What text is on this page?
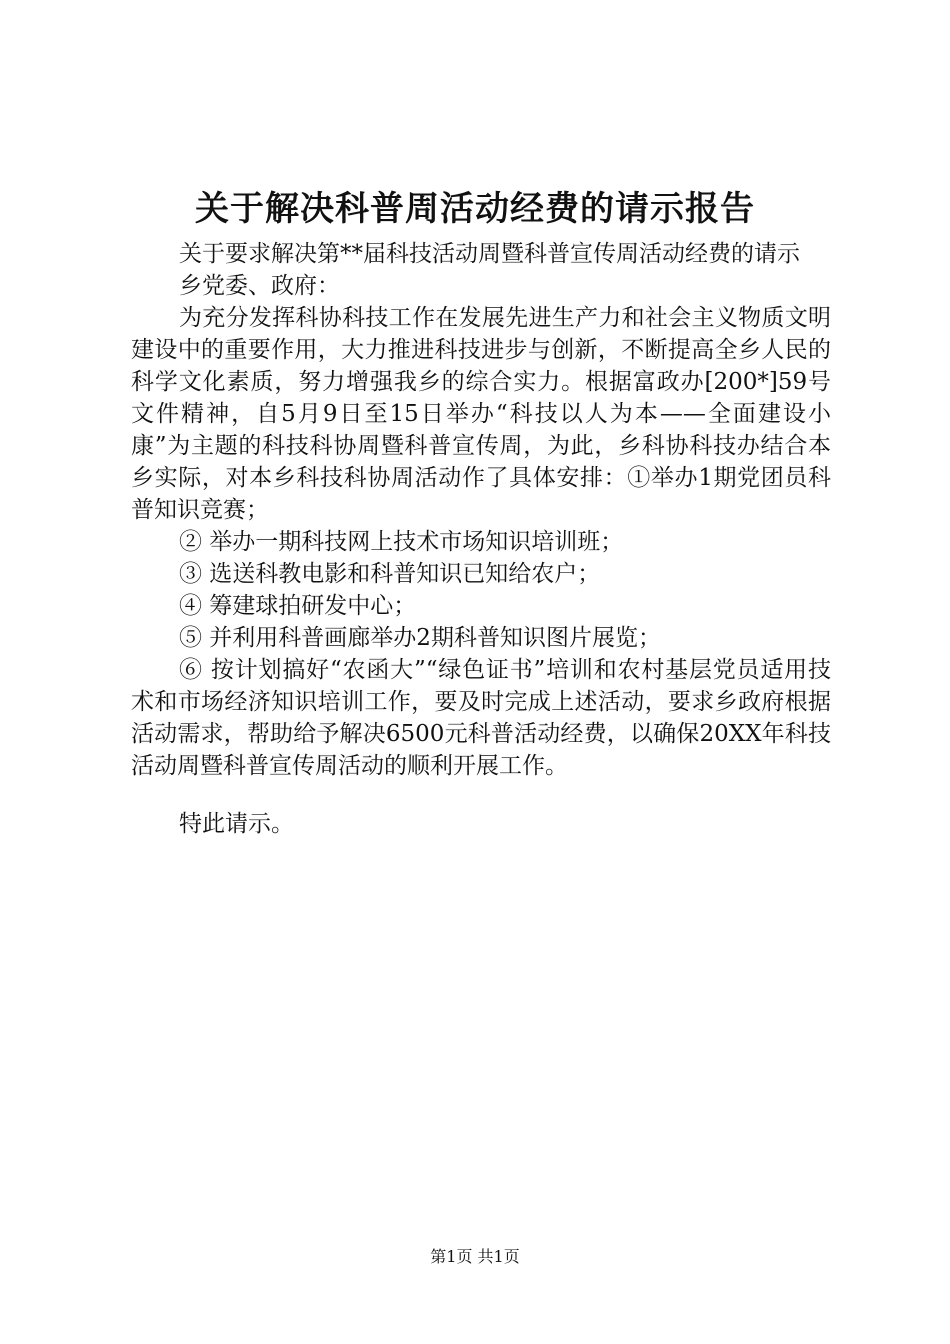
关于解决科普周活动经费的请示报告

关于要求解决第**届科技活动周暨科普宣传周活动经费的请示

乡党委、政府：

为充分发挥科协科技工作在发展先进生产力和社会主义物质文明建设中的重要作用，大力推进科技进步与创新，不断提高全乡人民的科学文化素质，努力增强我乡的综合实力。根据富政办[200*]59号文件精神，自5月9日至15日举办“科技以人为本——全面建设小康”为主题的科技科协周暨科普宣传周，为此，乡科协科技办结合本乡实际，对本乡科技科协周活动作了具体安排：①举办1期党团员科普知识竞赛；

② 举办一期科技网上技术市场知识培训班；

③ 选送科教电影和科普知识已知给农户；

④ 筹建球拍研发中心；

⑤ 并利用科普画廊举办2期科普知识图片展览；

⑥ 按计划搞好“农函大”“绿色证书”培训和农村基层党员适用技术和市场经济知识培训工作，要及时完成上述活动，要求乡政府根据活动需求，帮助给予解决6500元科普活动经费，以确保20XX年科技活动周暨科普宣传周活动的顺利开展工作。

特此请示。

第1页 共1页
